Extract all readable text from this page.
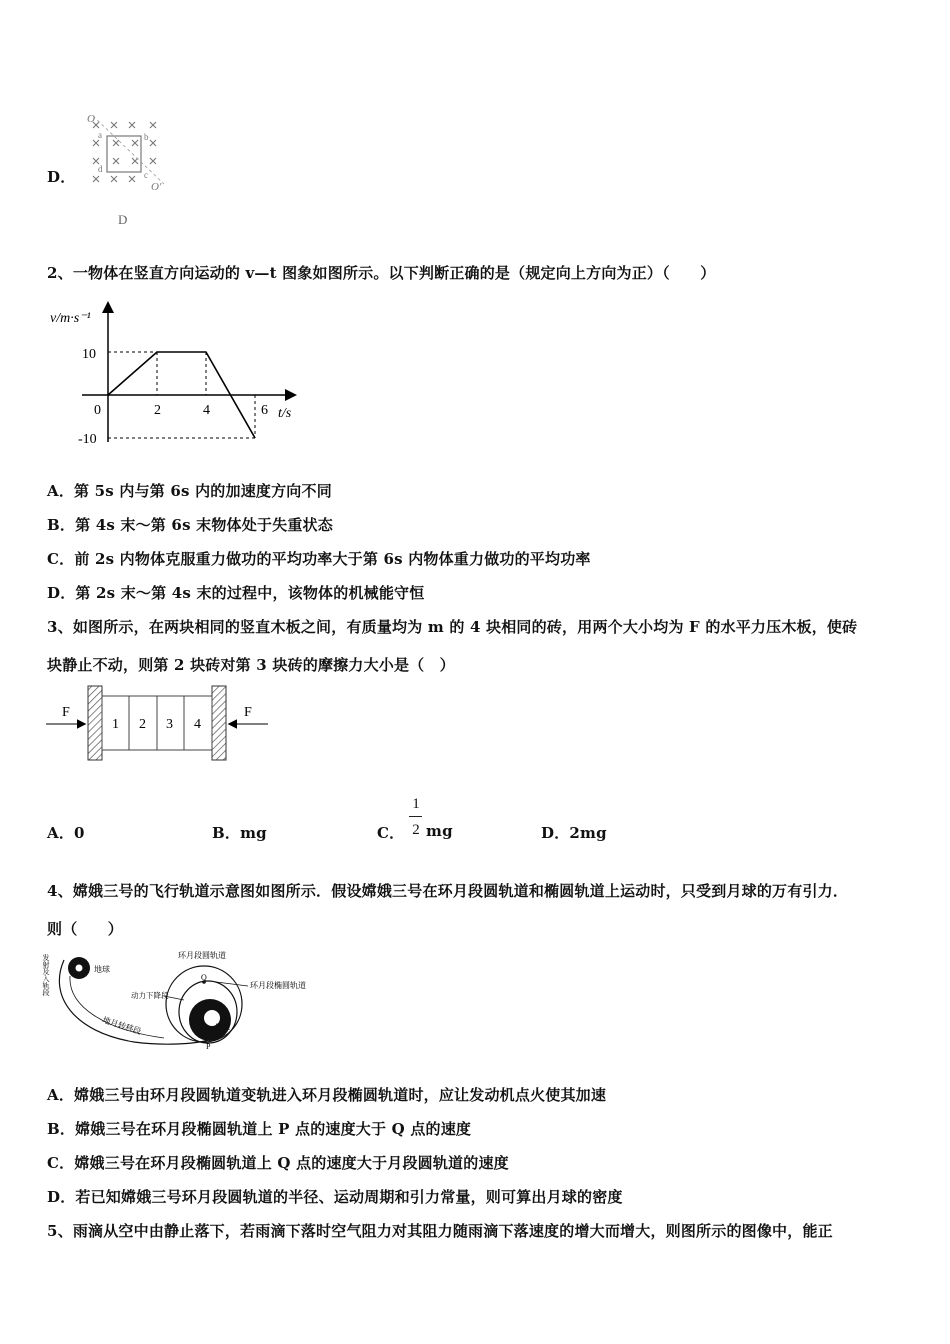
D．
O
a	b
c
d
O′
D
2、一物体在竖直方向运动的 v—t 图象如图所示。以下判断正确的是（规定向上方向为正）（　　）
v/m·s⁻¹
t/s
10
-10
0	2	4	6
A．第 5s 内与第 6s 内的加速度方向不同
B．第 4s 末～第 6s 末物体处于失重状态
C．前 2s 内物体克服重力做功的平均功率大于第 6s 内物体重力做功的平均功率
D．第 2s 末～第 4s 末的过程中，该物体的机械能守恒
3、如图所示，在两块相同的竖直木板之间，有质量均为 m 的 4 块相同的砖，用两个大小均为 F 的水平力压木板，使砖
块静止不动，则第 2 块砖对第 3 块砖的摩擦力大小是（　）
1 2 3 4
F	F
A．0	B．mg	C．
1
2 mg	D．2mg
4、嫦娥三号的飞行轨道示意图如图所示．假设嫦娥三号在环月段圆轨道和椭圆轨道上运动时，只受到月球的万有引力．
则（　　）
发射及入轨段	地球
地月转移段
环月段圆轨道
环月段椭圆轨道
月球
动力下降段
Q
P
A．嫦娥三号由环月段圆轨道变轨进入环月段椭圆轨道时，应让发动机点火使其加速
B．嫦娥三号在环月段椭圆轨道上 P 点的速度大于 Q 点的速度
C．嫦娥三号在环月段椭圆轨道上 Q 点的速度大于月段圆轨道的速度
D．若已知嫦娥三号环月段圆轨道的半径、运动周期和引力常量，则可算出月球的密度
5、雨滴从空中由静止落下，若雨滴下落时空气阻力对其阻力随雨滴下落速度的增大而增大，则图所示的图像中，能正
